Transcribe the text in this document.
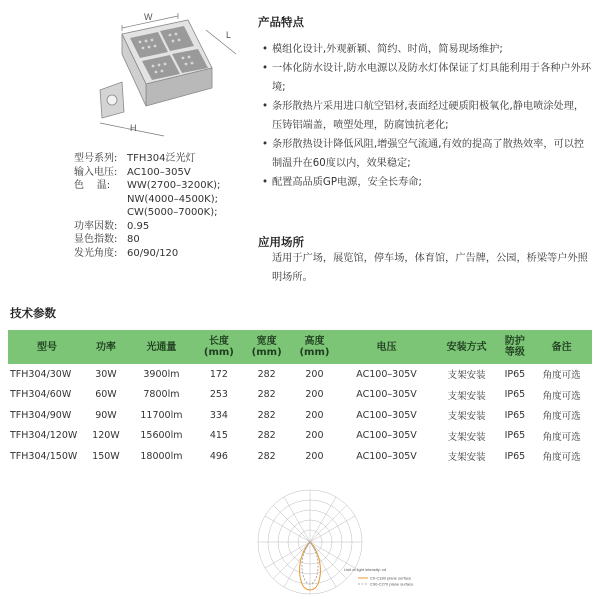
W
L
H
型号系列: TFH304泛光灯
输入电压: AC100–305V
色    温:	WW(2700–3200K);
NW(4000–4500K);
CW(5000–7000K);
功率因数: 0.95
显色指数: 80
发光角度: 60/90/120
产品特点
• 模组化设计,外观新颖、简约、时尚，简易现场维护;
• 一体化防水设计,防水电源以及防水灯体保证了灯具能利用于各种户外环境;
• 条形散热片采用进口航空铝材,表面经过硬质阳极氧化,静电喷涂处理，压铸铝端盖，喷塑处理，防腐蚀抗老化;
• 条形散热设计降低风阻,增强空气流通,有效的提高了散热效率，可以控制温升在60度以内，效果稳定;
• 配置高品质GP电源，安全长寿命;
应用场所
适用于广场，展览馆，停车场，体育馆，广告牌，公园，桥梁等户外照明场所。
技术参数
型号	功率	光通量	长度
(mm)	宽度
(mm)	高度
(mm)	电压	安装方式	防护
等级	备注
TFH304/30W	30W	3900lm	172	282	200	AC100–305V	支架安装	IP65	角度可选
TFH304/60W	60W	7800lm	253	282	200	AC100–305V	支架安装	IP65	角度可选
TFH304/90W	90W	11700lm	334	282	200	AC100–305V	支架安装	IP65	角度可选
TFH304/120W	120W	15600lm	415	282	200	AC100–305V	支架安装	IP65	角度可选
TFH304/150W	150W	18000lm	496	282	200	AC100–305V	支架安装	IP65	角度可选
Unit of light intensity: cd
C0-C180 plane surface
C90-C270 plane surface
